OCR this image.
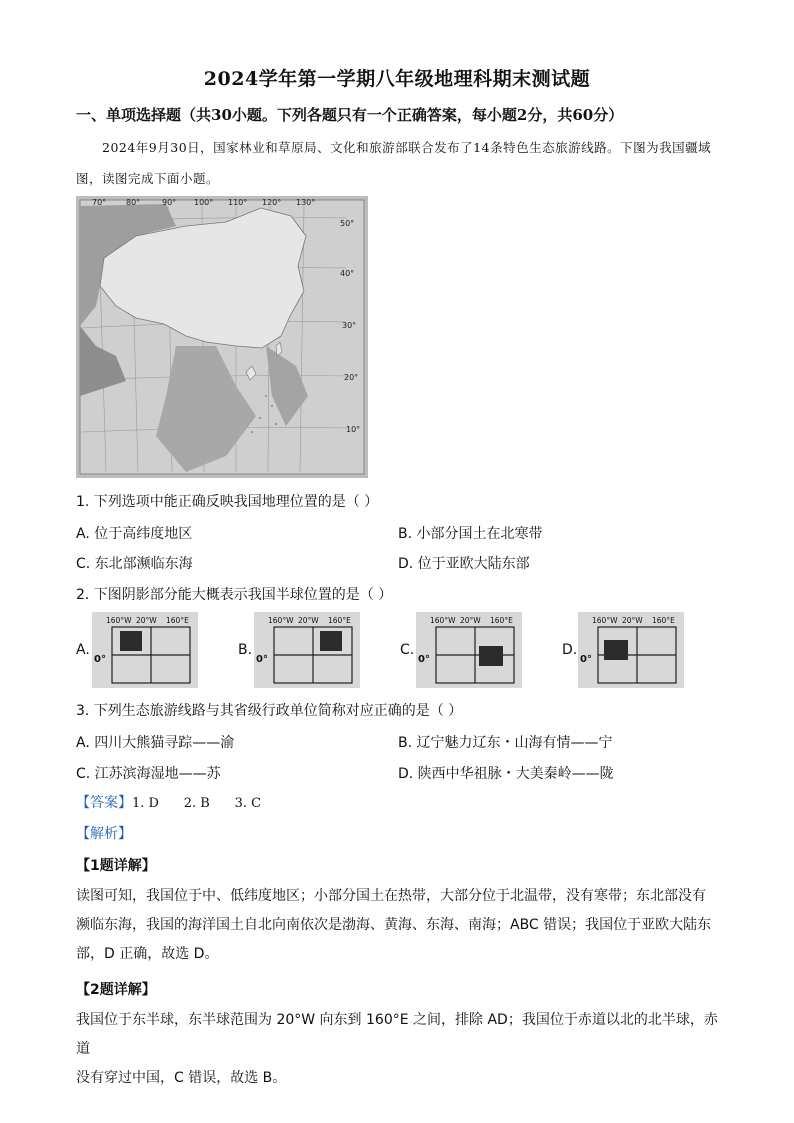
2024学年第一学期八年级地理科期末测试题
一、单项选择题（共30小题。下列各题只有一个正确答案，每小题2分，共60分）
2024年9月30日，国家林业和草原局、文化和旅游部联合发布了14条特色生态旅游线路。下图为我国疆域图，读图完成下面小题。
70° 80°	90° 100° 110° 120° 130°
50°
40°
30°
20°
10°
1. 下列选项中能正确反映我国地理位置的是（ ）
A. 位于高纬度地区	B. 小部分国土在北寒带
C. 东北部濒临东海	D. 位于亚欧大陆东部
2. 下图阴影部分能大概表示我国半球位置的是（ ）
A.
160°W 20°W 160°E
0°
B.
160°W 20°W 160°E
0°
C.
160°W 20°W 160°E
0°
D.
160°W 20°W 160°E
0°
3. 下列生态旅游线路与其省级行政单位简称对应正确的是（ ）
A. 四川大熊猫寻踪——渝	B. 辽宁魅力辽东・山海有情——宁
C. 江苏滨海湿地——苏	D. 陕西中华祖脉・大美秦岭——陇
【答案】1. D      2. B      3. C
【解析】
【1题详解】
读图可知，我国位于中、低纬度地区；小部分国土在热带，大部分位于北温带，没有寒带；东北部没有
濒临东海，我国的海洋国土自北向南依次是渤海、黄海、东海、南海；ABC 错误；我国位于亚欧大陆东
部，D 正确，故选 D。
【2题详解】
我国位于东半球，东半球范围为 20°W 向东到 160°E 之间，排除 AD；我国位于赤道以北的北半球，赤道
没有穿过中国，C 错误，故选 B。
